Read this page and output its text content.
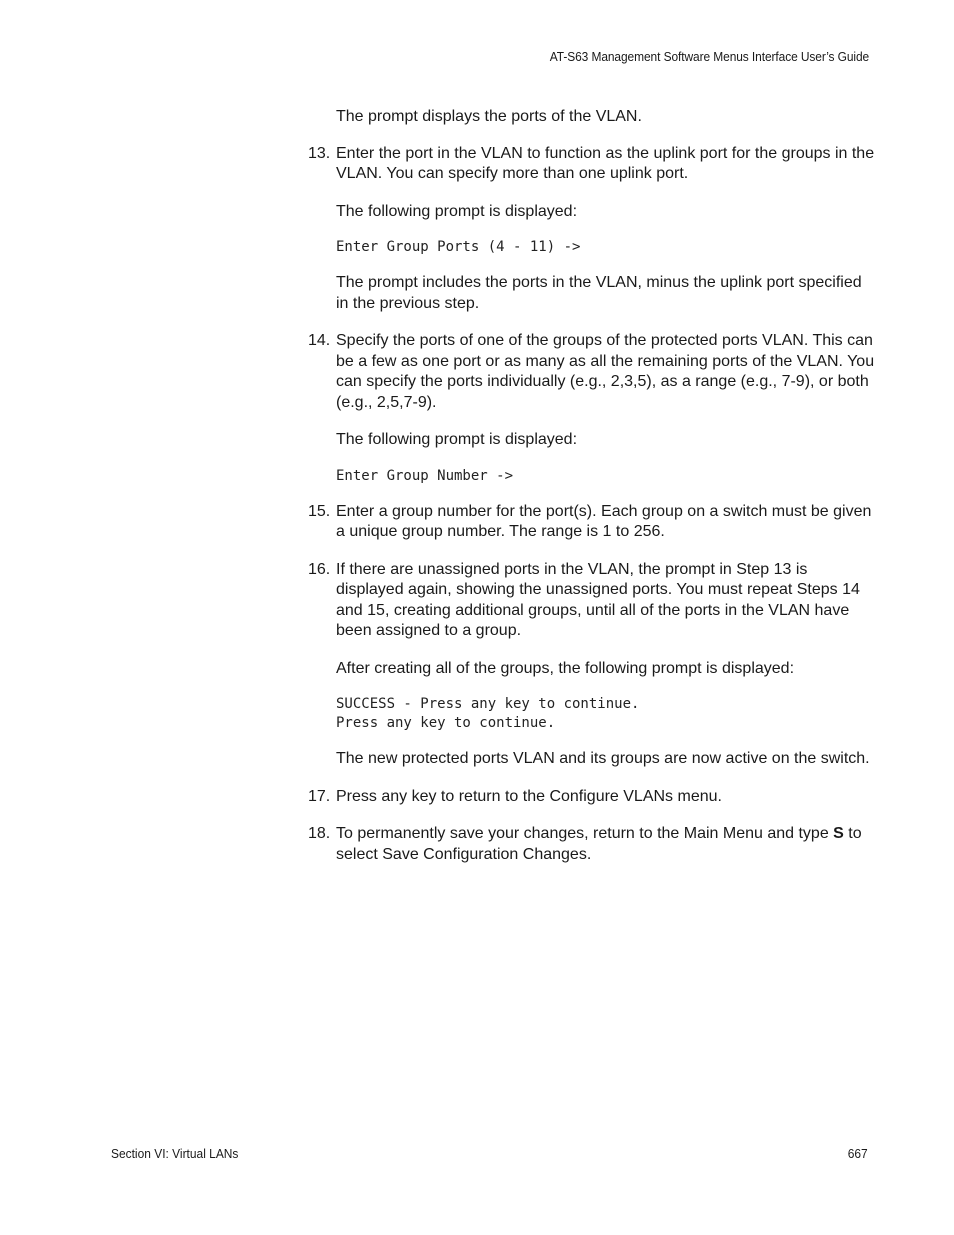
AT-S63 Management Software Menus Interface User’s Guide

The prompt displays the ports of the VLAN.

13. Enter the port in the VLAN to function as the uplink port for the groups in the VLAN. You can specify more than one uplink port.

The following prompt is displayed:

Enter Group Ports (4 - 11) ->

The prompt includes the ports in the VLAN, minus the uplink port specified in the previous step.

14. Specify the ports of one of the groups of the protected ports VLAN. This can be a few as one port or as many as all the remaining ports of the VLAN. You can specify the ports individually (e.g., 2,3,5), as a range (e.g., 7-9), or both (e.g., 2,5,7-9).

The following prompt is displayed:

Enter Group Number ->
15. Enter a group number for the port(s). Each group on a switch must be given a unique group number. The range is 1 to 256.
16. If there are unassigned ports in the VLAN, the prompt in Step 13 is displayed again, showing the unassigned ports. You must repeat Steps 14 and 15, creating additional groups, until all of the ports in the VLAN have been assigned to a group.

After creating all of the groups, the following prompt is displayed:

SUCCESS - Press any key to continue.
Press any key to continue.

The new protected ports VLAN and its groups are now active on the switch.

17. Press any key to return to the Configure VLANs menu.
18. To permanently save your changes, return to the Main Menu and type S to select Save Configuration Changes.
Section VI: Virtual LANs	667
